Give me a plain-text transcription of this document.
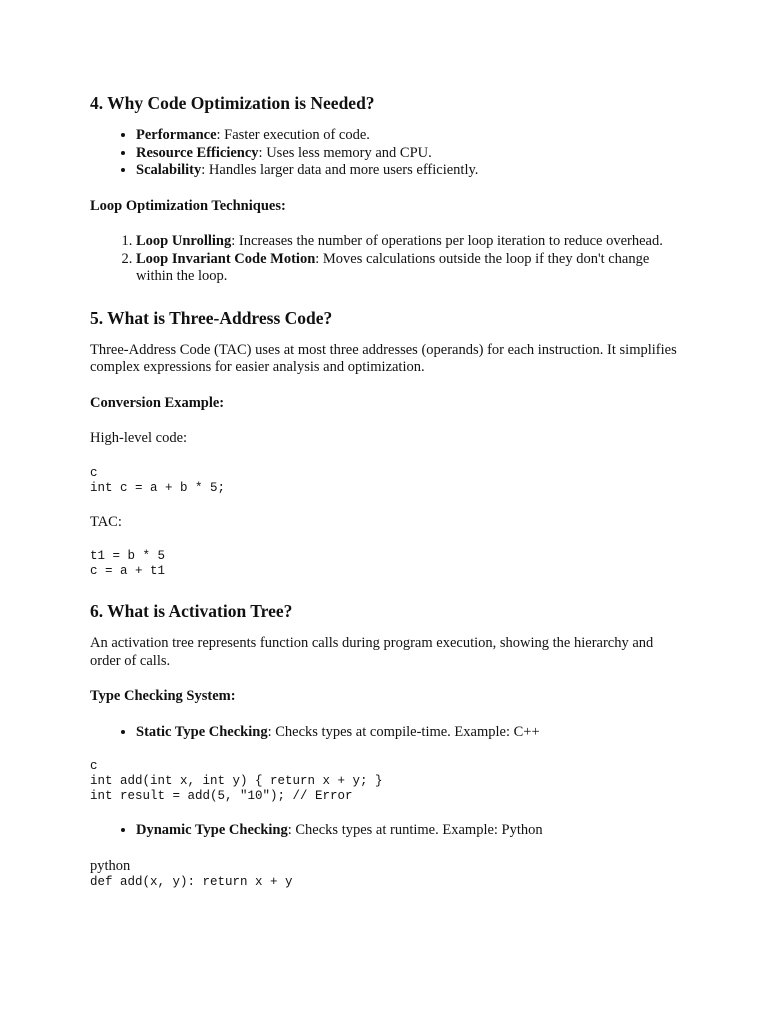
4. Why Code Optimization is Needed?
• Performance: Faster execution of code.
• Resource Efficiency: Uses less memory and CPU.
• Scalability: Handles larger data and more users efficiently.

Loop Optimization Techniques:

1. Loop Unrolling: Increases the number of operations per loop iteration to reduce overhead.
2. Loop Invariant Code Motion: Moves calculations outside the loop if they don't change within the loop.
5. What is Three-Address Code?

Three-Address Code (TAC) uses at most three addresses (operands) for each instruction. It simplifies complex expressions for easier analysis and optimization.

Conversion Example:

High-level code:

c
int c = a + b * 5;

TAC:

t1 = b * 5
c = a + t1
6. What is Activation Tree?

An activation tree represents function calls during program execution, showing the hierarchy and order of calls.

Type Checking System:

• Static Type Checking: Checks types at compile-time. Example: C++
c
int add(int x, int y) { return x + y; }
int result = add(5, "10"); // Error
• Dynamic Type Checking: Checks types at runtime. Example: Python
python
def add(x, y): return x + y
